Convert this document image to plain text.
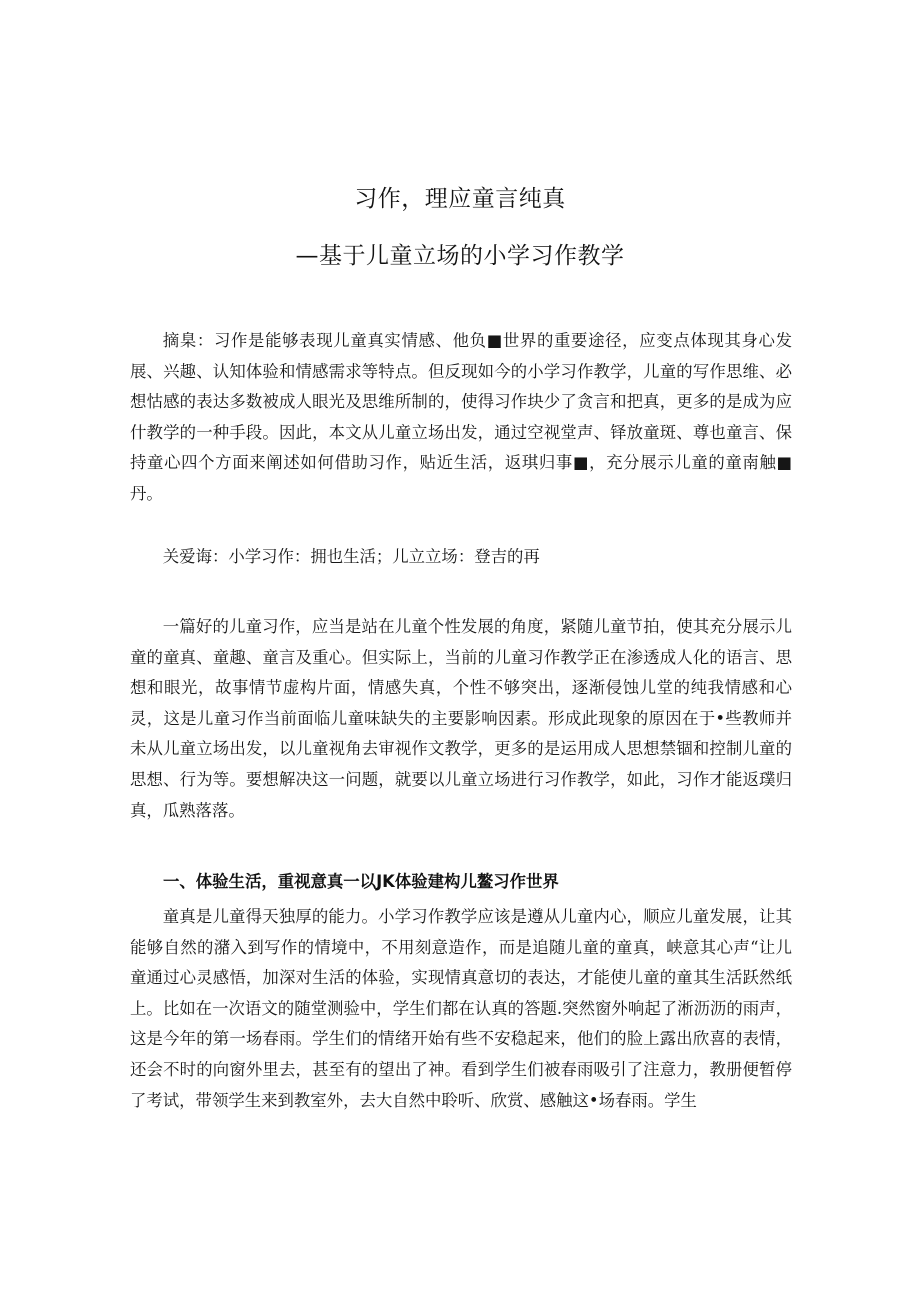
习作，理应童言纯真
—基于儿童立场的小学习作教学

摘臬：习作是能够表现儿童真实情感、他负■世界的重要途径，应变点体现其身心发展、兴趣、认知体验和情感需求等特点。但反现如今的小学习作教学，儿童的写作思维、必想怙感的表达多数被成人眼光及思维所制的，使得习作块少了贪言和把真，更多的是成为应什教学的一种手段。因此，本文从儿童立场出发，通过空视堂声、铎放童斑、尊也童言、保持童心四个方面来阐述如何借助习作，贴近生活，返琪归事■，充分展示儿童的童南触■丹。

关爱诲：小学习作：拥也生活；儿立立场：登吉的再

一篇好的儿童习作，应当是站在儿童个性发展的角度，紧随儿童节拍，使其充分展示儿童的童真、童趣、童言及重心。但实际上，当前的儿童习作教学正在渗透成人化的语言、思想和眼光，故事情节虚构片面，情感失真，个性不够突出，逐渐侵蚀儿堂的纯我情感和心灵，这是儿童习作当前面临儿童味缺失的主要影响因素。形成此现象的原因在于•些教师并未从儿童立场出发，以儿童视角去审视作文教学，更多的是运用成人思想禁锢和控制儿童的思想、行为等。要想解决这一问题，就要以儿童立场进行习作教学，如此，习作才能返璞归真，瓜熟落落。

一、体验生活，重视意真一以JK体验建构儿鳌习作世界

童真是儿童得天独厚的能力。小学习作教学应该是遵从儿童内心，顺应儿童发展，让其能够自然的潴入到写作的情境中，不用刻意造作，而是追随儿童的童真，峡意其心声“让儿童通过心灵感悟，加深对生活的体验，实现情真意切的表达，才能使儿童的童其生活跃然纸上。比如在一次语文的随堂测验中，学生们都在认真的答题.突然窗外响起了淅沥沥的雨声，这是今年的第一场春雨。学生们的情绪开始有些不安稳起来，他们的脸上露出欣喜的表情，还会不时的向窗外里去，甚至有的望出了神。看到学生们被春雨吸引了注意力，教册便暂停了考试，带领学生来到教室外，去大自然中聆听、欣赏、感触这•场春雨。学生
